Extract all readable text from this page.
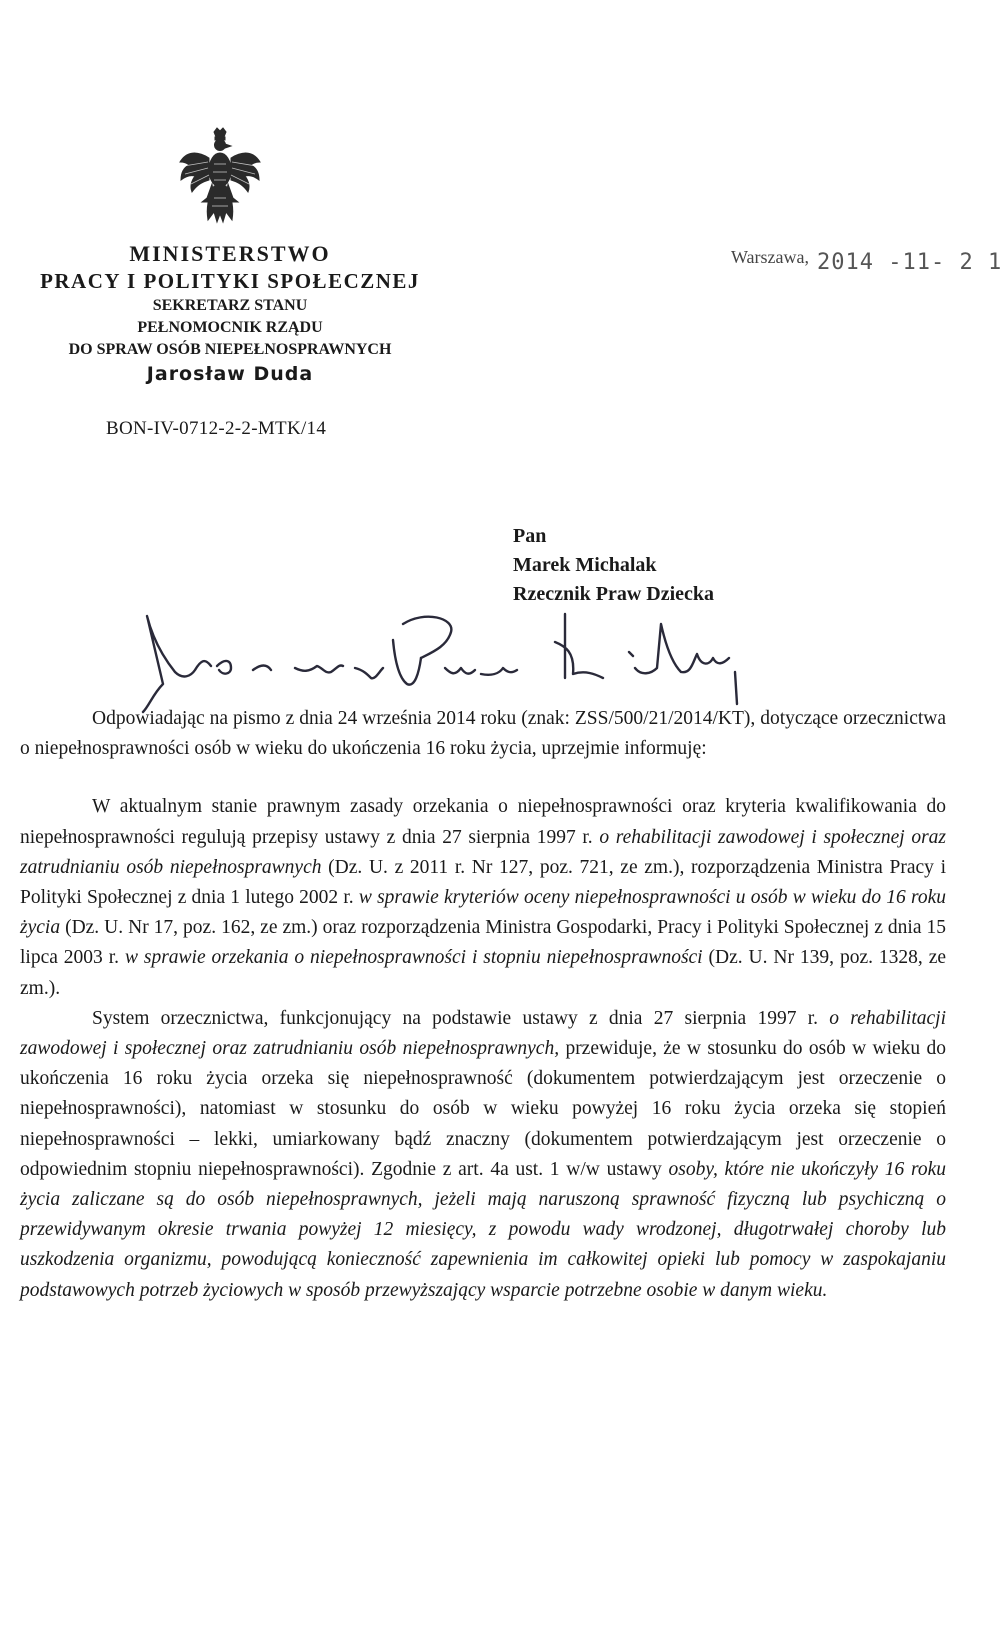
MINISTERSTWO
PRACY I POLITYKI SPOŁECZNEJ
SEKRETARZ STANU
PEŁNOMOCNIK RZĄDU
DO SPRAW OSÓB NIEPEŁNOSPRAWNYCH
Jarosław Duda
Warszawa, 2014 -11- 2 1
BON-IV-0712-2-2-MTK/14
Pan
Marek Michalak
Rzecznik Praw Dziecka

Odpowiadając na pismo z dnia 24 września 2014 roku (znak: ZSS/500/21/2014/KT), dotyczące orzecznictwa o niepełnosprawności osób w wieku do ukończenia 16 roku życia, uprzejmie informuję:

W aktualnym stanie prawnym zasady orzekania o niepełnosprawności oraz kryteria kwalifikowania do niepełnosprawności regulują przepisy ustawy z dnia 27 sierpnia 1997 r. o rehabilitacji zawodowej i społecznej oraz zatrudnianiu osób niepełnosprawnych (Dz. U. z 2011 r. Nr 127, poz. 721, ze zm.), rozporządzenia Ministra Pracy i Polityki Społecznej z dnia 1 lutego 2002 r. w sprawie kryteriów oceny niepełnosprawności u osób w wieku do 16 roku życia (Dz. U. Nr 17, poz. 162, ze zm.) oraz rozporządzenia Ministra Gospodarki, Pracy i Polityki Społecznej z dnia 15 lipca 2003 r. w sprawie orzekania o niepełnosprawności i stopniu niepełnosprawności (Dz. U. Nr 139, poz. 1328, ze zm.).

System orzecznictwa, funkcjonujący na podstawie ustawy z dnia 27 sierpnia 1997 r. o rehabilitacji zawodowej i społecznej oraz zatrudnianiu osób niepełnosprawnych, przewiduje, że w stosunku do osób w wieku do ukończenia 16 roku życia orzeka się niepełnosprawność (dokumentem potwierdzającym jest orzeczenie o niepełnosprawności), natomiast w stosunku do osób w wieku powyżej 16 roku życia orzeka się stopień niepełnosprawności – lekki, umiarkowany bądź znaczny (dokumentem potwierdzającym jest orzeczenie o odpowiednim stopniu niepełnosprawności). Zgodnie z art. 4a ust. 1 w/w ustawy osoby, które nie ukończyły 16 roku życia zaliczane są do osób niepełnosprawnych, jeżeli mają naruszoną sprawność fizyczną lub psychiczną o przewidywanym okresie trwania powyżej 12 miesięcy, z powodu wady wrodzonej, długotrwałej choroby lub uszkodzenia organizmu, powodującą konieczność zapewnienia im całkowitej opieki lub pomocy w zaspokajaniu podstawowych potrzeb życiowych w sposób przewyższający wsparcie potrzebne osobie w danym wieku.
